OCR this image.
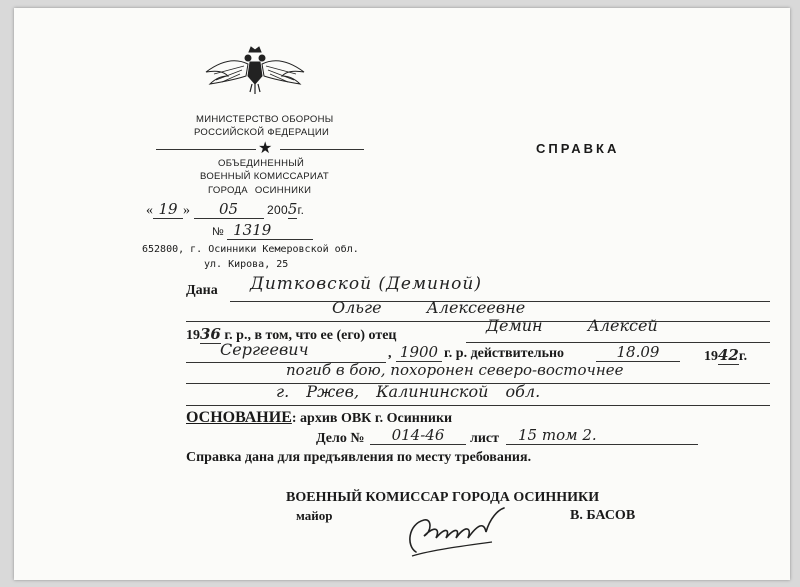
МИНИСТЕРСТВО ОБОРОНЫ
РОССИЙСКОЙ ФЕДЕРАЦИИ
★
ОБЪЕДИНЕННЫЙ
ВОЕННЫЙ КОМИССАРИАТ
ГОРОДА ОСИННИКИ
« 19 » 05 2005г.
№ 1319
652800, г. Осинники Кемеровской обл.
ул. Кирова, 25
СПРАВКА
Дана Дитковской (Деминой)
Ольге Алексеевне
1936 г. р., в том, что ее (его) отец
Демин Алексей
Сергеевич	, 1900 г. р. действительно	18.09	1942г.
погиб в бою, похоронен северо-восточнее
г. Ржев, Калининской обл.
ОСНОВАНИЕ: архив ОВК г. Осинники
Дело №	014-46	лист	15 том 2.
Справка дана для предъявления по месту требования.
ВОЕННЫЙ КОМИССАР ГОРОДА ОСИННИКИ
майор	В. БАСОВ
